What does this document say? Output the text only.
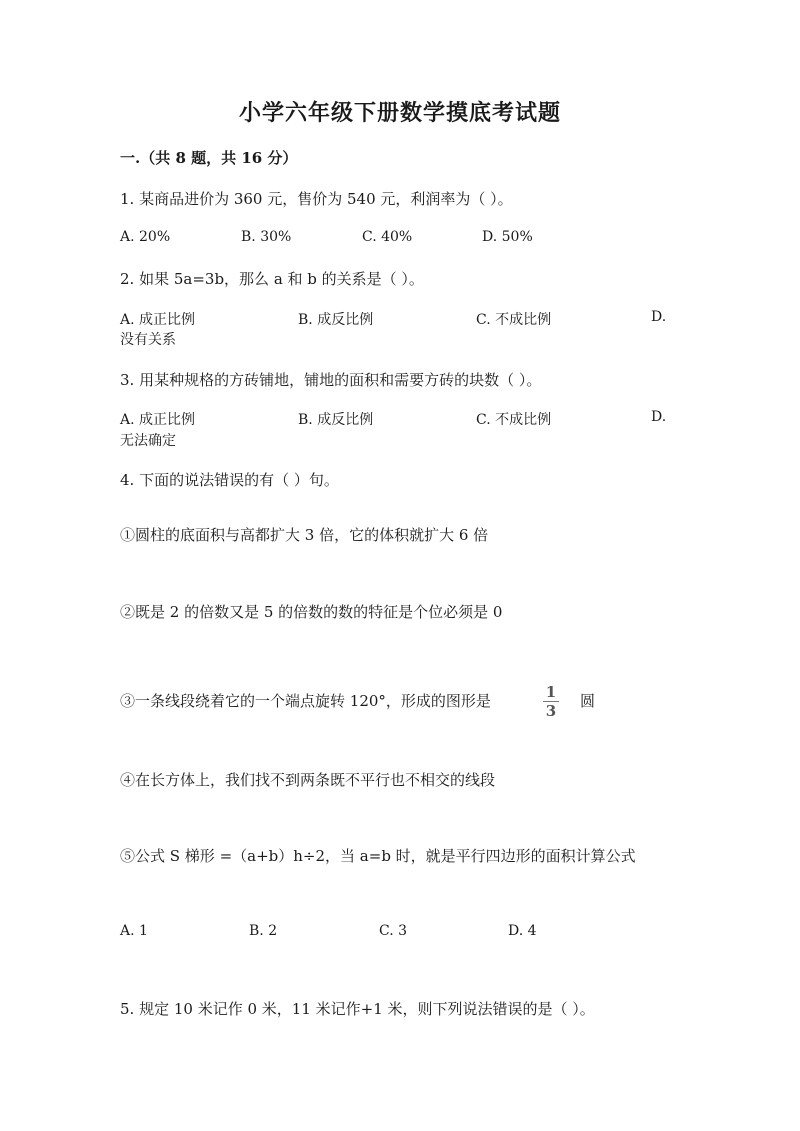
小学六年级下册数学摸底考试题
一.（共 8 题，共 16 分）
1. 某商品进价为 360 元，售价为 540 元，利润率为（ ）。
A. 20%	B. 30%	C. 40%	D. 50%
2. 如果 5a=3b，那么 a 和 b 的关系是（ ）。
A. 成正比例	B. 成反比例	C. 不成比例	D.
没有关系
3. 用某种规格的方砖铺地，铺地的面积和需要方砖的块数（ ）。
A. 成正比例	B. 成反比例	C. 不成比例	D.
无法确定
4. 下面的说法错误的有（ ）句。
①圆柱的底面积与高都扩大 3 倍，它的体积就扩大 6 倍
②既是 2 的倍数又是 5 的倍数的数的特征是个位必须是 0
③一条线段绕着它的一个端点旋转 120°，形成的图形是	1
3
圆
④在长方体上，我们找不到两条既不平行也不相交的线段
⑤公式 S 梯形 =（a+b）h÷2，当 a=b 时，就是平行四边形的面积计算公式
A. 1	B. 2	C. 3	D. 4
5. 规定 10 米记作 0 米，11 米记作+1 米，则下列说法错误的是（ ）。
